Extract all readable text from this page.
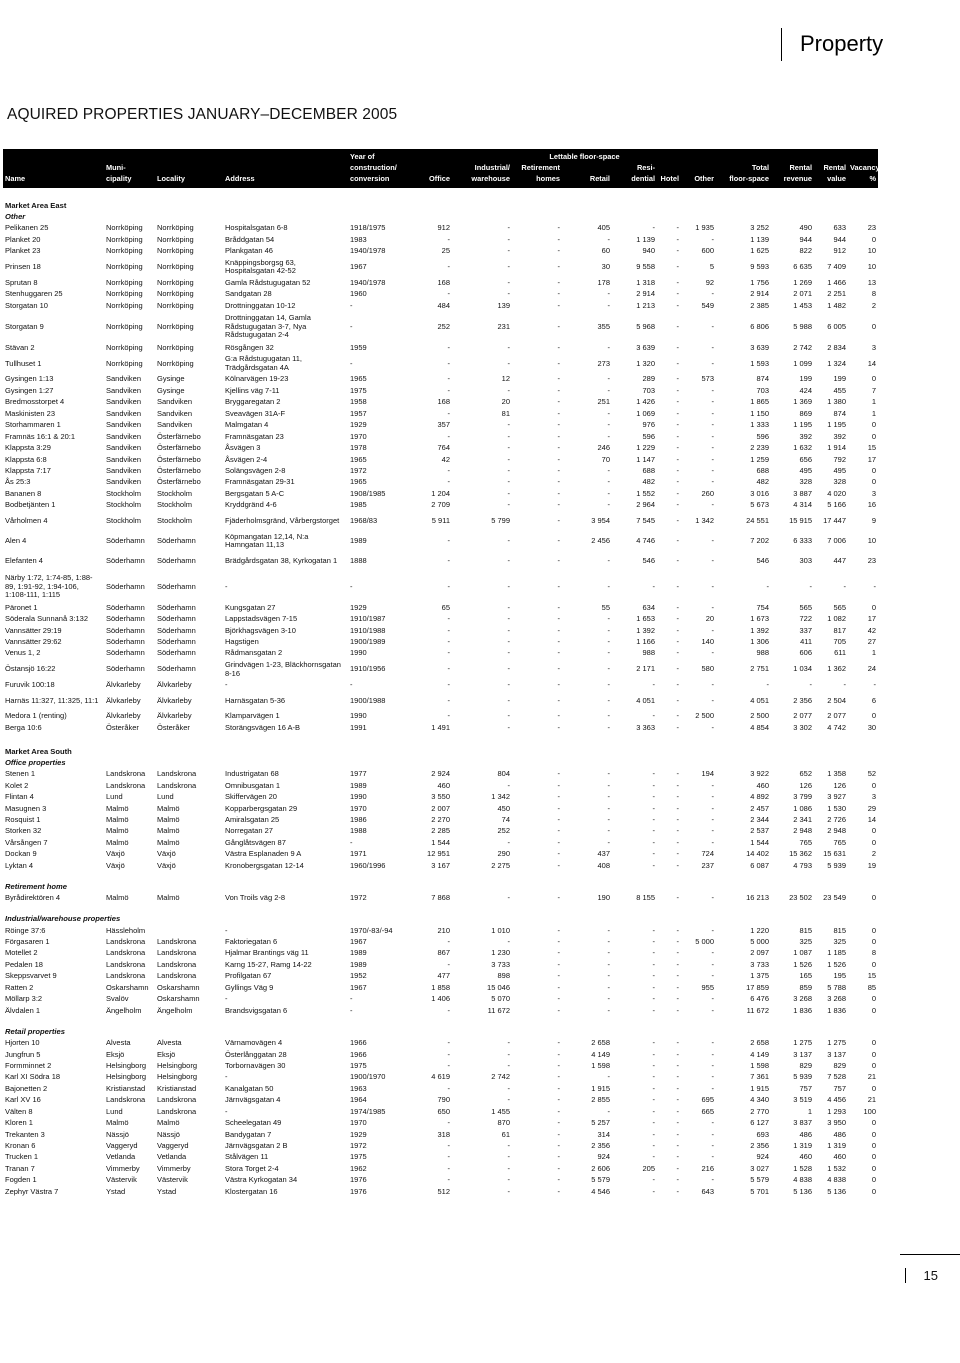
Property
AQUIRED PROPERTIES JANUARY–DECEMBER 2005
				Year of			Lettable floor-space								
	Muni-			construction/		Industrial/	Retirement		Resi-			Total	Rental	Rental	Vacancy
Name	cipality	Locality	Address	conversion	Office	warehouse	homes	Retail	dential	Hotel	Other	floor-space	revenue	value	%

Market Area East															
Other															
Pelikanen 25	Norrköping	Norrköping	Hospitalsgatan 6-8	1918/1975	912	-	-	405	-	-	1 935	3 252	490	633	23
Planket 20	Norrköping	Norrköping	Bråddgatan 54	1983	-	-	-	-	1 139	-	-	1 139	944	944	0
Planket 23	Norrköping	Norrköping	Plankgatan 46	1940/1978	25	-	-	60	940	-	600	1 625	822	912	10
Prinsen 18	Norrköping	Norrköping	Knäppingsborgsg 63, Hospitalsgatan 42-52	1967	-	-	-	30	9 558	-	5	9 593	6 635	7 409	10
Sprutan 8	Norrköping	Norrköping	Gamla Rådstugugatan 52	1940/1978	168	-	-	178	1 318	-	92	1 756	1 269	1 466	13
Stenhuggaren 25	Norrköping	Norrköping	Sandgatan 28	1960	-	-	-	-	2 914	-	-	2 914	2 071	2 251	8
Storgatan 10	Norrköping	Norrköping	Drottninggatan 10-12	-	484	139	-	-	1 213	-	549	2 385	1 453	1 482	2
Storgatan 9	Norrköping	Norrköping	Drottninggatan 14, Gamla Rådstugugatan 3-7, Nya Rådstugugatan 2-4	-	252	231	-	355	5 968	-	-	6 806	5 988	6 005	0
Stävan 2	Norrköping	Norrköping	Rösgången 32	1959	-	-	-	-	3 639	-	-	3 639	2 742	2 834	3
Tullhuset 1	Norrköping	Norrköping	G:a Rådstugugatan 11, Trädgårdsgatan 4A	-	-	-	-	273	1 320	-	-	1 593	1 099	1 324	14
Gysingen 1:13	Sandviken	Gysinge	Kölnarvägen 19-23	1965	-	12	-	-	289	-	573	874	199	199	0
Gysingen 1:27	Sandviken	Gysinge	Kjellins väg 7-11	1975	-	-	-	-	703	-	-	703	424	455	7
Bredmosstorpet 4	Sandviken	Sandviken	Bryggaregatan 2	1958	168	20	-	251	1 426	-	-	1 865	1 369	1 380	1
Maskinisten 23	Sandviken	Sandviken	Sveavägen 31A-F	1957	-	81	-	-	1 069	-	-	1 150	869	874	1
Storhammaren 1	Sandviken	Sandviken	Malmgatan 4	1929	357	-	-	-	976	-	-	1 333	1 195	1 195	0
Framnäs 16:1 & 20:1	Sandviken	Österfärnebo	Framnäsgatan 23	1970	-	-	-	-	596	-	-	596	392	392	0
Klappsta 3:29	Sandviken	Österfärnebo	Åsvägen 3	1978	764	-	-	246	1 229	-	-	2 239	1 632	1 914	15
Klappsta 6:8	Sandviken	Österfärnebo	Åsvägen 2-4	1965	42	-	-	70	1 147	-	-	1 259	656	792	17
Klappsta 7:17	Sandviken	Österfärnebo	Solängsvägen 2-8	1972	-	-	-	-	688	-	-	688	495	495	0
Ås 25:3	Sandviken	Österfärnebo	Framnäsgatan 29-31	1965	-	-	-	-	482	-	-	482	328	328	0
Bananen 8	Stockholm	Stockholm	Bergsgatan 5 A-C	1908/1985	1 204	-	-	-	1 552	-	260	3 016	3 887	4 020	3
Bodbetjänten 1	Stockholm	Stockholm	Kryddgränd 4-6	1985	2 709	-	-	-	2 964	-	-	5 673	4 314	5 166	16
Vårholmen 4	Stockholm	Stockholm	Fjäderholmsgränd, Vårbergstorget	1968/83	5 911	5 799	-	3 954	7 545	-	1 342	24 551	15 915	17 447	9
Alen 4	Söderhamn	Söderhamn	Köpmangatan 12,14, N:a Hamngatan 11,13	1989	-	-	-	2 456	4 746	-	-	7 202	6 333	7 006	10
Elefanten 4	Söderhamn	Söderhamn	Brädgårdsgatan 38, Kyrkogatan 1	1888	-	-	-	-	546	-	-	546	303	447	23
Närby 1:72, 1:74-85, 1:88-89, 1:91-92, 1:94-106, 1:108-111, 1:115	Söderhamn	Söderhamn	-	-	-	-	-	-	-	-	-	-	-	-	-
Päronet 1	Söderhamn	Söderhamn	Kungsgatan 27	1929	65	-	-	55	634	-	-	754	565	565	0
Söderala Sunnanå 3:132	Söderhamn	Söderhamn	Lappstadsvägen 7-15	1910/1987	-	-	-	-	1 653	-	20	1 673	722	1 082	17
Vannsätter 29:19	Söderhamn	Söderhamn	Björkhagsvägen 3-10	1910/1988	-	-	-	-	1 392	-	-	1 392	337	817	42
Vannsätter 29:62	Söderhamn	Söderhamn	Hagstigen	1900/1989	-	-	-	-	1 166	-	140	1 306	411	705	27
Venus 1, 2	Söderhamn	Söderhamn	Rådmansgatan 2	1990	-	-	-	-	988	-	-	988	606	611	1
Östansjö 16:22	Söderhamn	Söderhamn	Grindvägen 1-23, Bläckhornsgatan 8-16	1910/1956	-	-	-	-	2 171	-	580	2 751	1 034	1 362	24
Furuvik 100:18	Älvkarleby	Älvkarleby	-	-	-	-	-	-	-	-	-	-	-	-	-
Harnäs 11:327, 11:325, 11:1	Älvkarleby	Älvkarleby	Harnäsgatan 5-36	1900/1988	-	-	-	-	4 051	-	-	4 051	2 356	2 504	6
Medora 1 (renting)	Älvkarleby	Älvkarleby	Klamparvägen 1	1990	-	-	-	-	-	-	2 500	2 500	2 077	2 077	0
Berga 10:6	Österåker	Österåker	Storängsvägen 16 A-B	1991	1 491	-	-	-	3 363	-	-	4 854	3 302	4 742	30

Market Area South															
Office properties															
Stenen 1	Landskrona	Landskrona	Industrigatan 68	1977	2 924	804	-	-	-	-	194	3 922	652	1 358	52
Kolet 2	Landskrona	Landskrona	Omnibusgatan 1	1989	460	-	-	-	-	-	-	460	126	126	0
Flintan 4	Lund	Lund	Skiffervägen 20	1990	3 550	1 342	-	-	-	-	-	4 892	3 799	3 927	3
Masugnen 3	Malmö	Malmö	Kopparbergsgatan 29	1970	2 007	450	-	-	-	-	-	2 457	1 086	1 530	29
Rosquist 1	Malmö	Malmö	Amiralsgatan 25	1986	2 270	74	-	-	-	-	-	2 344	2 341	2 726	14
Storken 32	Malmö	Malmö	Norregatan 27	1988	2 285	252	-	-	-	-	-	2 537	2 948	2 948	0
Vårsången 7	Malmö	Malmö	Gånglåtsvägen 87	-	1 544	-	-	-	-	-	-	1 544	765	765	0
Dockan 9	Växjö	Växjö	Västra Esplanaden 9 A	1971	12 951	290	-	437	-	-	724	14 402	15 362	15 631	2
Lyktan 4	Växjö	Växjö	Kronobergsgatan 12-14	1960/1996	3 167	2 275	-	408	-	-	237	6 087	4 793	5 939	19

Retirement home															
Byrådirektören 4	Malmö	Malmö	Von Troils väg 2-8	1972	7 868	-	-	190	8 155	-	-	16 213	23 502	23 549	0

Industrial/warehouse properties															
Röinge 37:6	Hässleholm		-	1970/-83/-94	210	1 010	-	-	-	-	-	1 220	815	815	0
Förgasaren 1	Landskrona	Landskrona	Faktoriegatan 6	1967	-	-	-	-	-	-	5 000	5 000	325	325	0
Motellet 2	Landskrona	Landskrona	Hjalmar Brantings väg 11	1989	867	1 230	-	-	-	-	-	2 097	1 087	1 185	8
Pedalen 18	Landskrona	Landskrona	Karng 15-27, Ramg 14-22	1989	-	3 733	-	-	-	-	-	3 733	1 526	1 526	0
Skeppsvarvet 9	Landskrona	Landskrona	Profilgatan 67	1952	477	898	-	-	-	-	-	1 375	165	195	15
Ratten 2	Oskarshamn	Oskarshamn	Gyllings Väg 9	1967	1 858	15 046	-	-	-	-	955	17 859	859	5 788	85
Möllarp 3:2	Svalöv	Oskarshamn	-	-	1 406	5 070	-	-	-	-	-	6 476	3 268	3 268	0
Älvdalen 1	Ängelholm	Ängelholm	Brandsvigsgatan 6	-	-	11 672	-	-	-	-	-	11 672	1 836	1 836	0

Retail properties															
Hjorten 10	Alvesta	Alvesta	Värnamovägen 4	1966	-	-	-	2 658	-	-	-	2 658	1 275	1 275	0
Jungfrun 5	Eksjö	Eksjö	Österlånggatan 28	1966	-	-	-	4 149	-	-	-	4 149	3 137	3 137	0
Formminnet 2	Helsingborg	Helsingborg	Torbornavägen 30	1975	-	-	-	1 598	-	-	-	1 598	829	829	0
Karl XI Södra 18	Helsingborg	Helsingborg	-	1900/1970	4 619	2 742	-	-	-	-	-	7 361	5 939	7 528	21
Bajonetten 2	Kristianstad	Kristianstad	Kanalgatan 50	1963	-	-	-	1 915	-	-	-	1 915	757	757	0
Karl XV 16	Landskrona	Landskrona	Järnvägsgatan 4	1964	790	-	-	2 855	-	-	695	4 340	3 519	4 456	21
Välten 8	Lund	Landskrona	-	1974/1985	650	1 455	-	-	-	-	665	2 770	1	1 293	100
Kloren 1	Malmö	Malmö	Scheelegatan 49	1970	-	870	-	5 257	-	-	-	6 127	3 837	3 950	0
Trekanten 3	Nässjö	Nässjö	Bandygatan 7	1929	318	61	-	314	-	-	-	693	486	486	0
Kronan 6	Vaggeryd	Vaggeryd	Järnvägsgatan 2 B	1972	-	-	-	2 356	-	-	-	2 356	1 319	1 319	0
Trucken 1	Vetlanda	Vetlanda	Stålvägen 11	1975	-	-	-	924	-	-	-	924	460	460	0
Tranan 7	Vimmerby	Vimmerby	Stora Torget 2-4	1962	-	-	-	2 606	205	-	216	3 027	1 528	1 532	0
Fogden 1	Västervik	Västervik	Västra Kyrkogatan 34	1976	-	-	-	5 579	-	-	-	5 579	4 838	4 838	0
Zephyr Västra 7	Ystad	Ystad	Klostergatan 16	1976	512	-	-	4 546	-	-	643	5 701	5 136	5 136	0
15
